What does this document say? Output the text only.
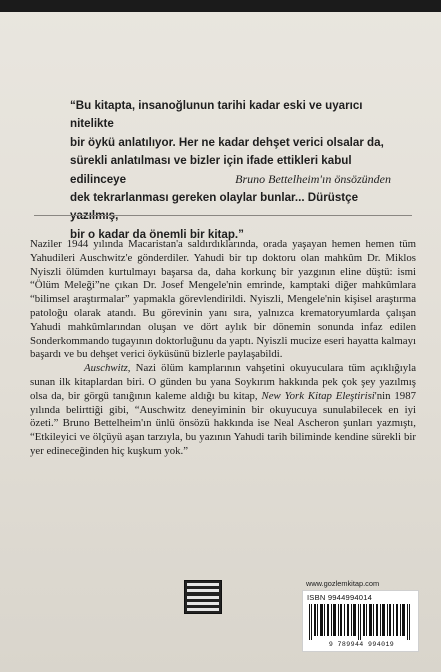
“Bu kitapta, insanoğlunun tarihi kadar eski ve uyarıcı nitelikte

bir öykü anlatılıyor. Her ne kadar dehşet verici olsalar da,

sürekli anlatılması ve bizler için ifade ettikleri kabul edilinceye

dek tekrarlanması gereken olaylar bunlar... Dürüstçe

bir o kadar da önemli bir kitap.”

Bruno Bettelheim'ın önsözünden

Naziler 1944 yılında Macaristan'a saldırdıklarında, orada yaşayan hemen hemen tüm Yahudileri Auschwitz'e gönderdiler. Yahudi bir tıp doktoru olan mahkûm Dr. Miklos Nyiszli ölümden kurtulmayı başarsa da, daha korkunç bir yazgının eline düştü: ismi “Ölüm Meleği”ne çıkan Dr. Josef Mengele'nin emrinde, kamptaki diğer mahkûmlara “bilimsel araştırmalar” yapmakla görevlendirildi. Nyiszli, Mengele'nin kişisel araştırma patoloğu olarak atandı. Bu görevinin yanı sıra, yalnızca krematoryumlarda çalışan Yahudi mahkûmlarından oluşan ve dört aylık bir dönemin sonunda infaz edilen Sonderkommando tugayının doktorluğunu da yaptı. Nyiszli mucize eseri hayatta kalmayı başardı ve bu dehşet verici öyküsünü bizlerle paylaşabildi.

Auschwitz, Nazi ölüm kamplarının vahşetini okuyuculara tüm açıklığıyla sunan ilk kitaplardan biri. O günden bu yana Soykırım hakkında pek çok şey yazılmış olsa da, bir görgü tanığının kaleme aldığı bu kitap, New York Kitap Eleştirisi'nin 1987 yılında belirttiği gibi, “Auschwitz deneyiminin bir okuyucuya sunulabilecek en iyi özeti.” Bruno Bettelheim'ın ünlü önsözü hakkında ise Neal Ascheron şunları yazmıştı, “Etkileyici ve ölçüyü aşan tarzıyla, bu yazının Yahudi tarih biliminde kendine sürekli bir yer edineceğinden hiç kuşkum yok.”

www.gozlemkitap.com
ISBN 9944994014
9 789944 994019
